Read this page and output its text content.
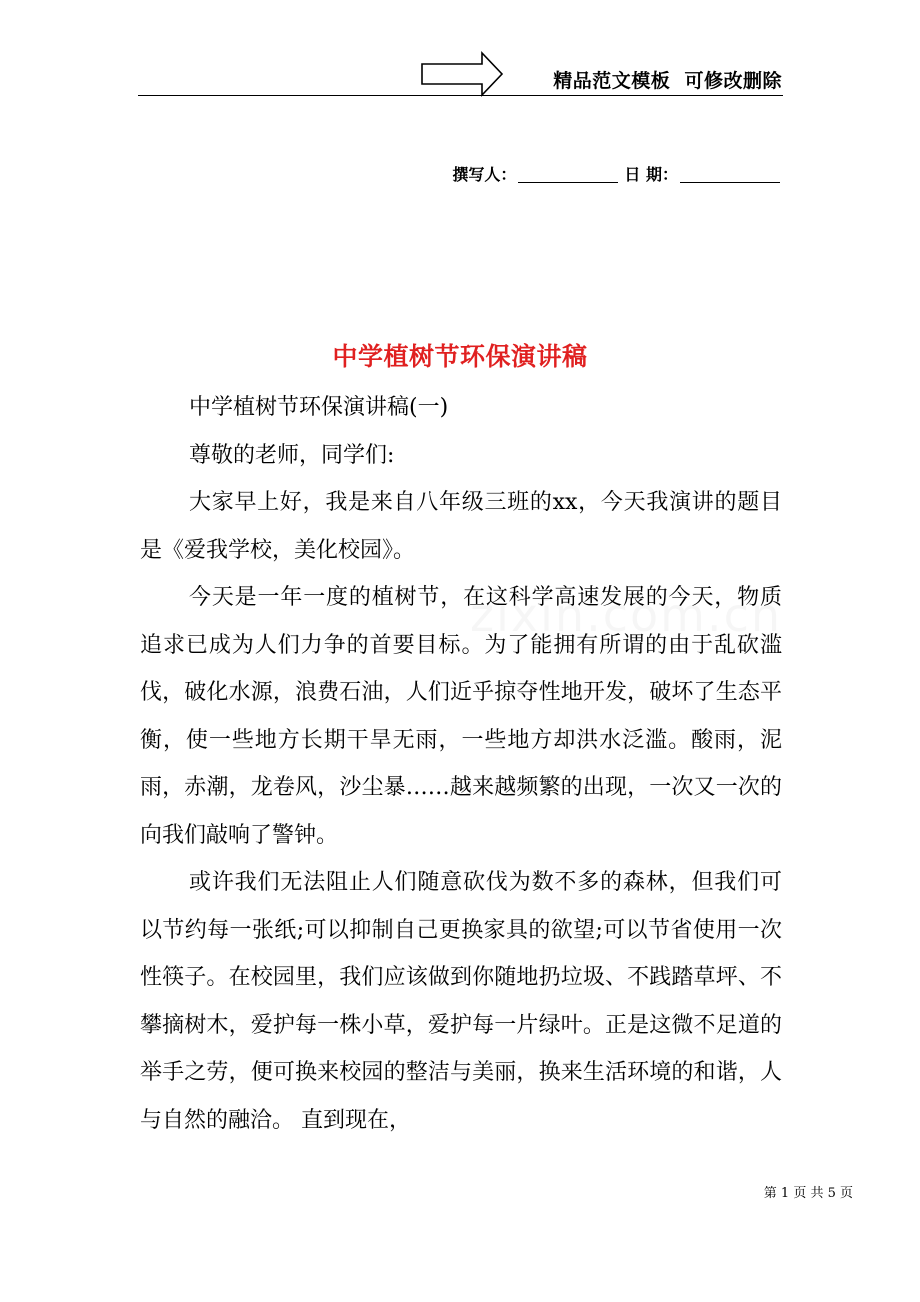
精品范文模板  可修改删除
撰写人：	日 期：
中学植树节环保演讲稿

中学植树节环保演讲稿(一)

尊敬的老师，同学们:

大家早上好，我是来自八年级三班的xx，今天我演讲的题目是《爱我学校，美化校园》。

今天是一年一度的植树节，在这科学高速发展的今天，物质追求已成为人们力争的首要目标。为了能拥有所谓的由于乱砍滥伐，破化水源，浪费石油，人们近乎掠夺性地开发，破坏了生态平衡，使一些地方长期干旱无雨，一些地方却洪水泛滥。酸雨，泥雨，赤潮，龙卷风，沙尘暴……越来越频繁的出现，一次又一次的向我们敲响了警钟。

或许我们无法阻止人们随意砍伐为数不多的森林，但我们可以节约每一张纸;可以抑制自己更换家具的欲望;可以节省使用一次性筷子。在校园里，我们应该做到你随地扔垃圾、不践踏草坪、不攀摘树木，爱护每一株小草，爱护每一片绿叶。正是这微不足道的举手之劳，便可换来校园的整洁与美丽，换来生活环境的和谐，人与自然的融洽。 直到现在，

第 1 页 共 5 页
